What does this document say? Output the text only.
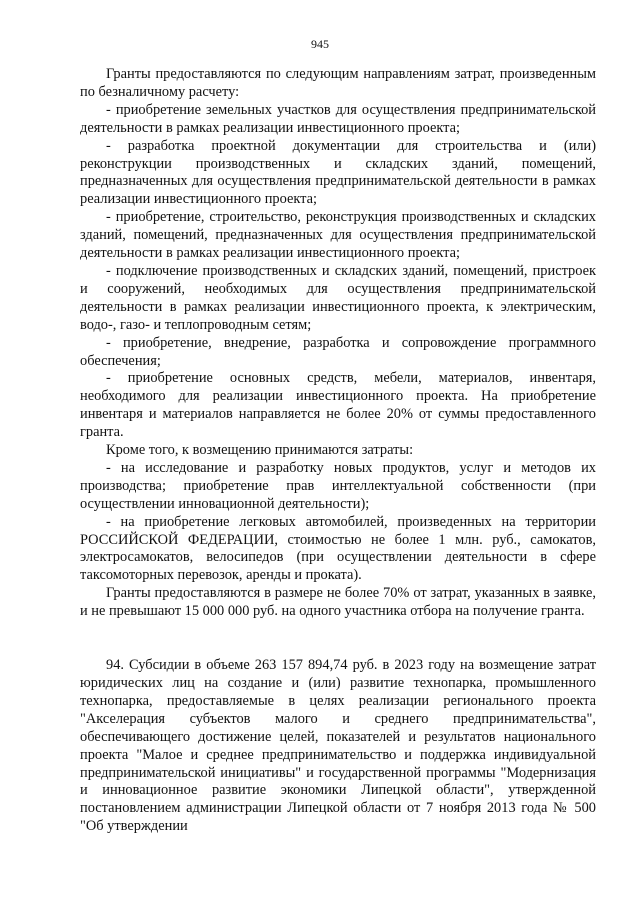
945

Гранты предоставляются по следующим направлениям затрат, произведенным по безналичному расчету:

- приобретение земельных участков для осуществления предпринимательской деятельности в рамках реализации инвестиционного проекта;

- разработка проектной документации для строительства и (или) реконструкции производственных и складских зданий, помещений, предназначенных для осуществления предпринимательской деятельности в рамках реализации инвестиционного проекта;

- приобретение, строительство, реконструкция производственных и складских зданий, помещений, предназначенных для осуществления предпринимательской деятельности в рамках реализации инвестиционного проекта;

- подключение производственных и складских зданий, помещений, пристроек и сооружений, необходимых для осуществления предпринимательской деятельности в рамках реализации инвестиционного проекта, к электрическим, водо-, газо- и теплопроводным сетям;

- приобретение, внедрение, разработка и сопровождение программного обеспечения;

- приобретение основных средств, мебели, материалов, инвентаря, необходимого для реализации инвестиционного проекта. На приобретение инвентаря и материалов направляется не более 20% от суммы предоставленного гранта.

Кроме того, к возмещению принимаются затраты:

- на исследование и разработку новых продуктов, услуг и методов их производства; приобретение прав интеллектуальной собственности (при осуществлении инновационной деятельности);

- на приобретение легковых автомобилей, произведенных на территории РОССИЙСКОЙ ФЕДЕРАЦИИ, стоимостью не более 1 млн. руб., самокатов, электросамокатов, велосипедов (при осуществлении деятельности в сфере таксомоторных перевозок, аренды и проката).

Гранты предоставляются в размере не более 70% от затрат, указанных в заявке, и не превышают 15 000 000 руб. на одного участника отбора на получение гранта.

94. Субсидии в объеме 263 157 894,74 руб. в 2023 году на возмещение затрат юридических лиц на создание и (или) развитие технопарка, промышленного технопарка, предоставляемые в целях реализации регионального проекта "Акселерация субъектов малого и среднего предпринимательства", обеспечивающего достижение целей, показателей и результатов национального проекта "Малое и среднее предпринимательство и поддержка индивидуальной предпринимательской инициативы" и государственной программы "Модернизация и инновационное развитие экономики Липецкой области", утвержденной постановлением администрации Липецкой области от 7 ноября 2013 года № 500 "Об утверждении
